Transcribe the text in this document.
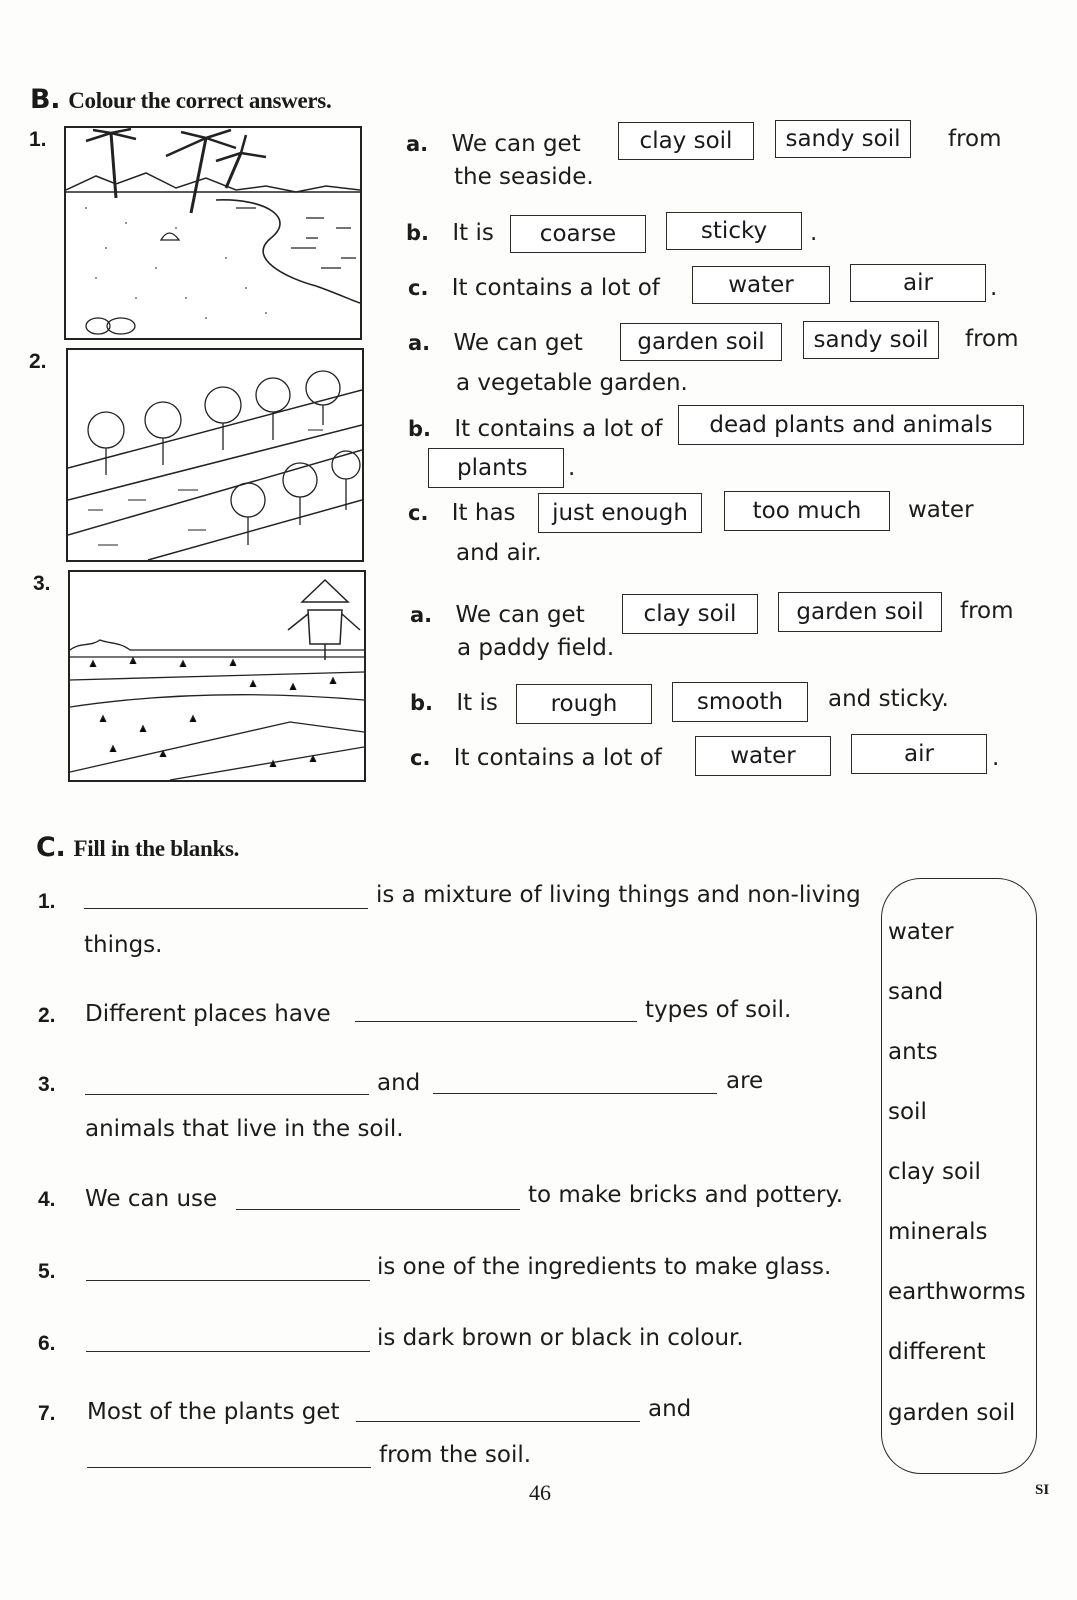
B. Colour the correct answers.
1.
2.
3.
a. We can get	clay soil	sandy soil	from
the seaside.
b. It is	coarse	sticky	.
c. It contains a lot of	water	air	.
a. We can get	garden soil	sandy soil	from
a vegetable garden.
b. It contains a lot of	dead plants and animals
plants	.
c. It has	just enough	too much	water
and air.
a. We can get	clay soil	garden soil	from
a paddy field.
b. It is	rough	smooth	and sticky.
c. It contains a lot of	water	air	.
C. Fill in the blanks.
1.	is a mixture of living things and non-living
things.
2. Different places have	types of soil.
3.	and	are
animals that live in the soil.
4. We can use	to make bricks and pottery.
5.	is one of the ingredients to make glass.
6.	is dark brown or black in colour.
7. Most of the plants get	and
from the soil.
water
sand
ants
soil
clay soil
minerals
earthworms
different
garden soil
46	SI
